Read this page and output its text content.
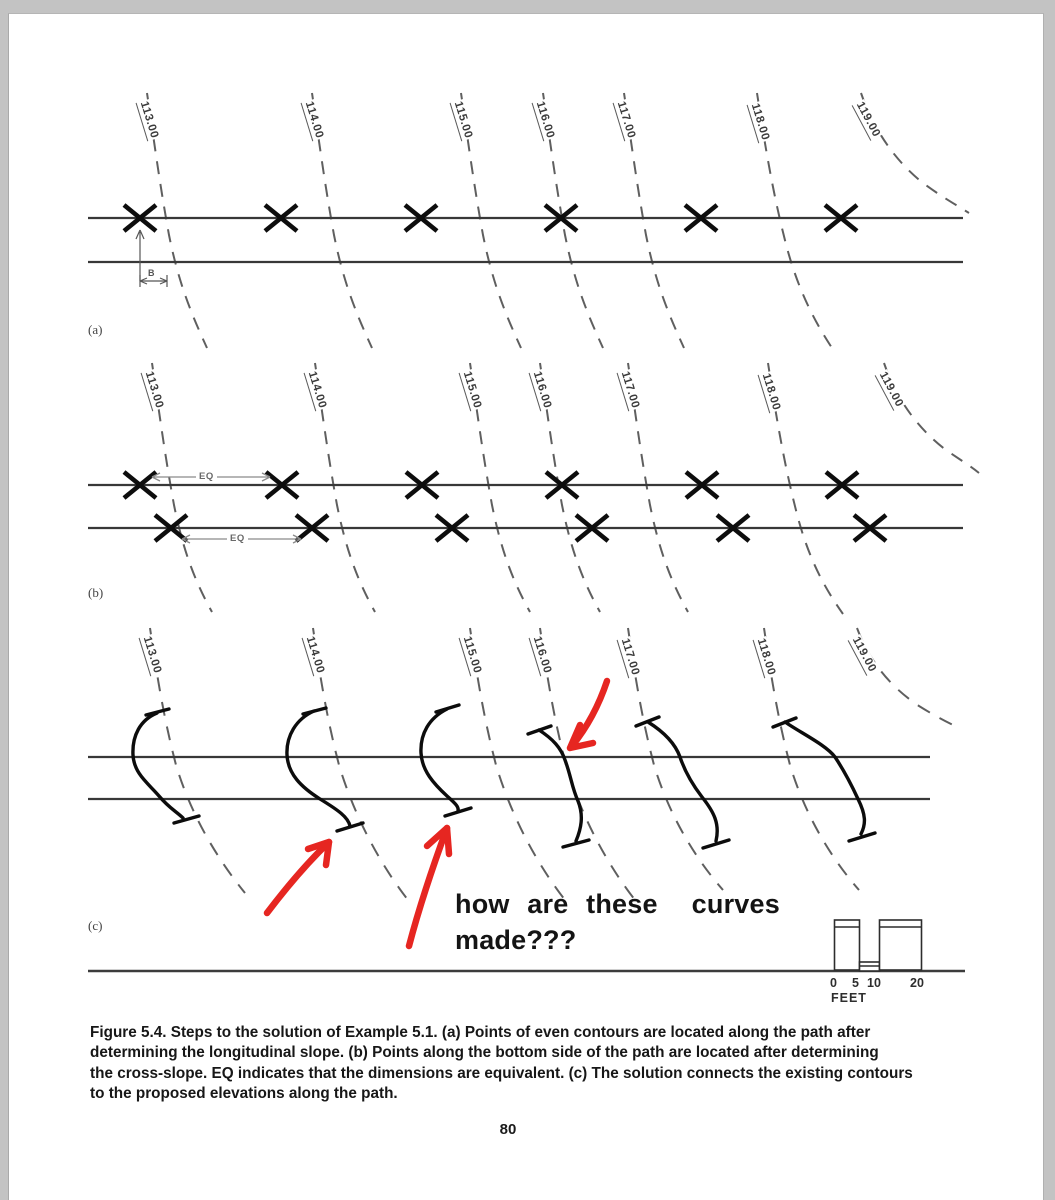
113.00	114.00	115.00	116.00	117.00	118.00	119.00
(a)
B
113.00	114.00	115.00	116.00	117.00	118.00	119.00
(b)
EQ
EQ
113.00	114.00	115.00	116.00	117.00	118.00	119.00
(c)
how are these curves
made???
0 5 10 20
FEET
Figure 5.4. Steps to the solution of Example 5.1. (a) Points of even contours are located along the path after
determining the longitudinal slope. (b) Points along the bottom side of the path are located after determining
the cross-slope. EQ indicates that the dimensions are equivalent. (c) The solution connects the existing contours
to the proposed elevations along the path.
80
